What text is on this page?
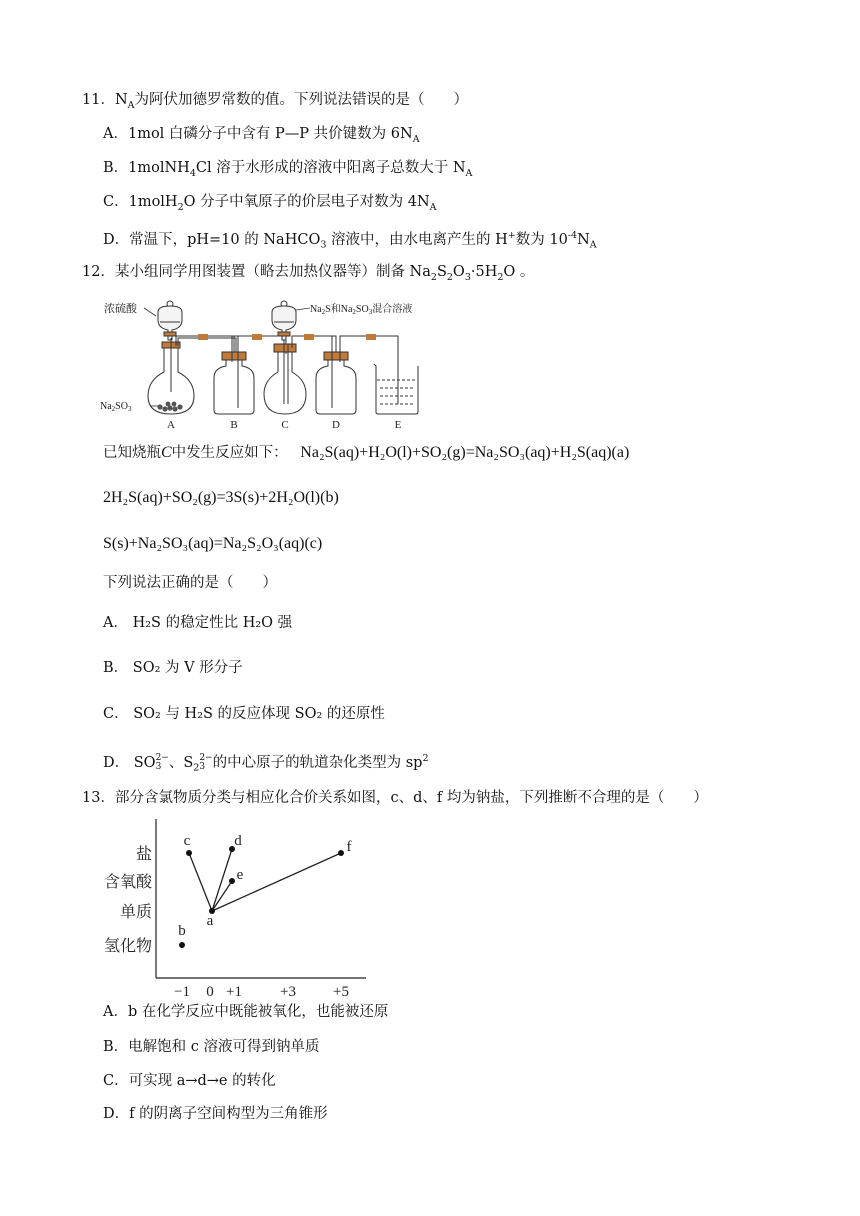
11．$N_A$为阿伏加德罗常数的值。下列说法错误的是（　　）
A．1mol 白磷分子中含有 P—P 共价键数为 $6N_A$
B．1molNH$_4$Cl 溶于水形成的溶液中阳离子总数大于 $N_A$
C．1molH$_2$O 分子中氧原子的价层电子对数为 $4N_A$
D．常温下，pH=10 的 NaHCO$_3$ 溶液中，由水电离产生的 H+数为 $10^{-4}N_A$
12．某小组同学用图装置（略去加热仪器等）制备 $Na_2S_2O_3\cdot 5H_2O$ 。
浓硫酸	$Na_2S$和$Na_2SO_3$混合溶液
$Na_2SO_3$
A	B	C	D	E
已知烧瓶C中发生反应如下： Na₂S(aq)+H₂O(l)+SO₂(g)=Na₂SO₃(aq)+H₂S(aq)(a)
2H₂S(aq)+SO₂(g)=3S(s)+2H₂O(l)(b)
S(s)+Na₂SO₃(aq)=Na₂S₂O₃(aq)(c)
下列说法正确的是（　　）
A． H₂S 的稳定性比 H₂O 强
B． SO₂ 为 V 形分子
C． SO₂ 与 H₂S 的反应体现 SO₂ 的还原性
D． SO 2−
3 、$S_2$
2−
3 的中心原子的轨道杂化类型为 $sp^2$
13．部分含氯物质分类与相应化合价关系如图，c、d、f 均为钠盐，下列推断不合理的是（　　）
盐
含氧酸
单质
氢化物
−1 0 +1	+3 +5
a
b
c	d
e
f
A．b 在化学反应中既能被氧化，也能被还原
B．电解饱和 c 溶液可得到钠单质
C．可实现 a→d→e 的转化
D．f 的阴离子空间构型为三角锥形
